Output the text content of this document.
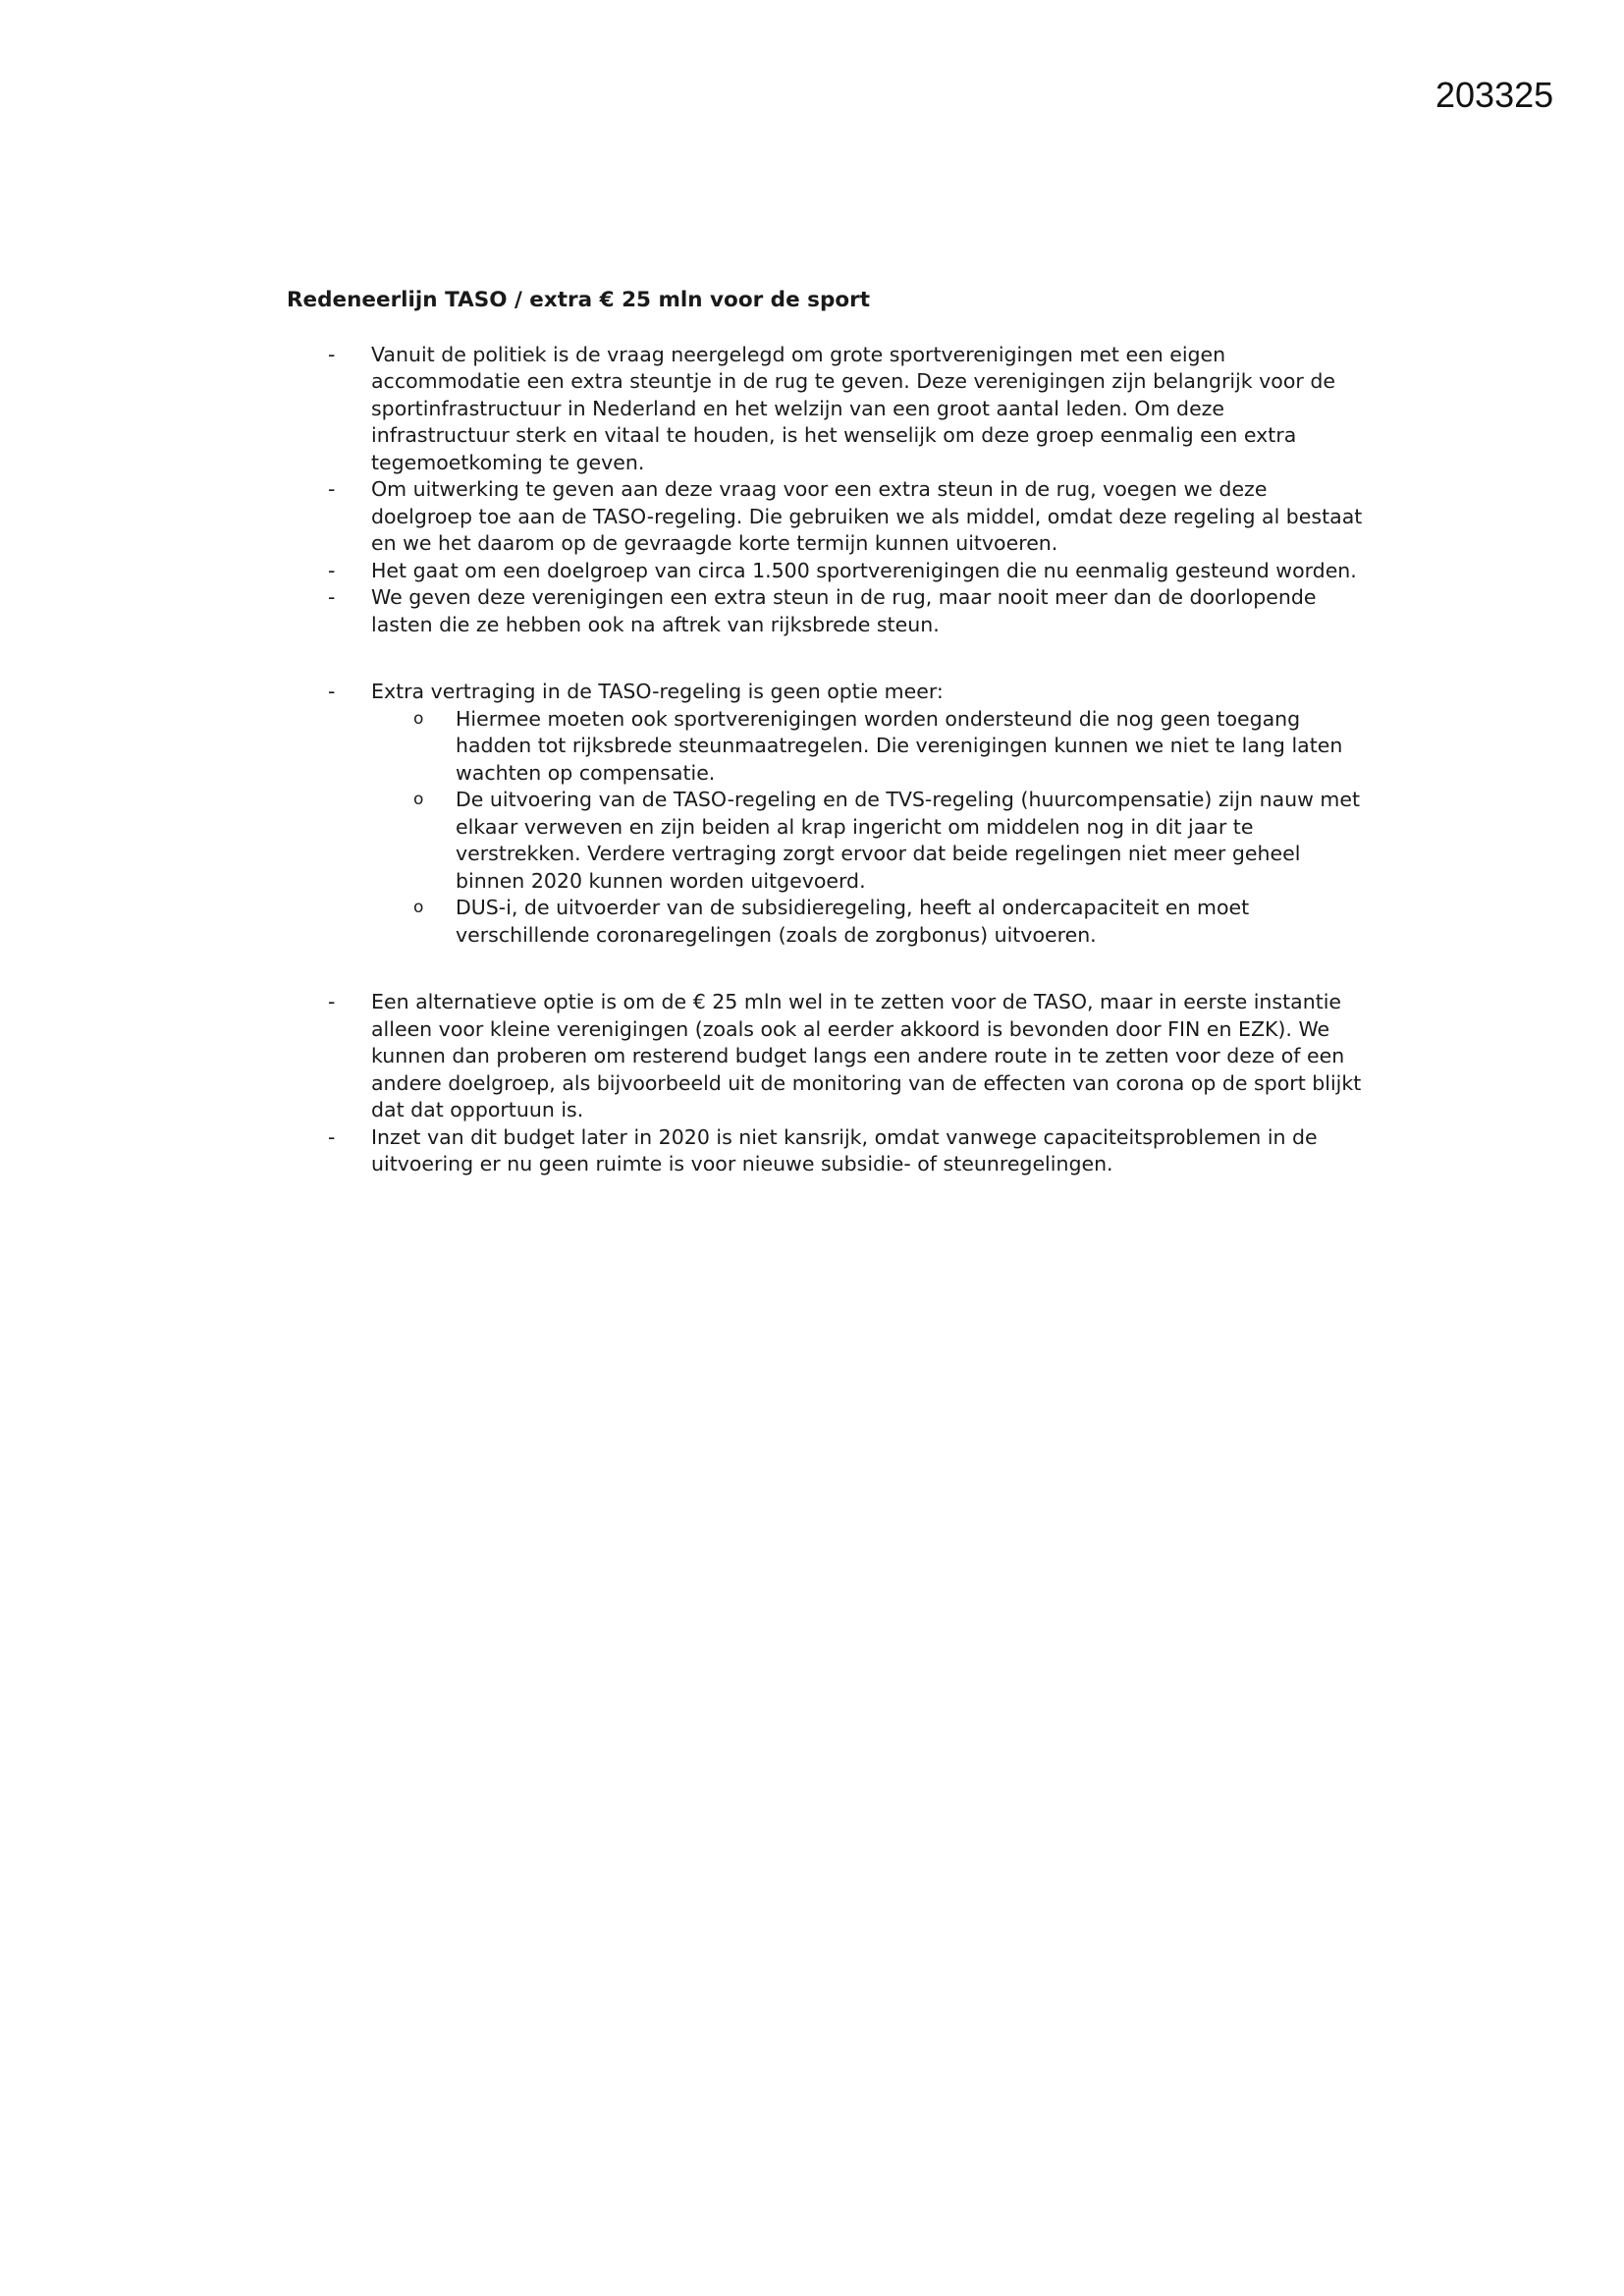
203325
Redeneerlijn TASO / extra € 25 mln voor de sport
- Vanuit de politiek is de vraag neergelegd om grote sportverenigingen met een eigen accommodatie een extra steuntje in de rug te geven. Deze verenigingen zijn belangrijk voor de sportinfrastructuur in Nederland en het welzijn van een groot aantal leden. Om deze infrastructuur sterk en vitaal te houden, is het wenselijk om deze groep eenmalig een extra tegemoetkoming te geven.
- Om uitwerking te geven aan deze vraag voor een extra steun in de rug, voegen we deze doelgroep toe aan de TASO-regeling. Die gebruiken we als middel, omdat deze regeling al bestaat en we het daarom op de gevraagde korte termijn kunnen uitvoeren.
- Het gaat om een doelgroep van circa 1.500 sportverenigingen die nu eenmalig gesteund worden.
- We geven deze verenigingen een extra steun in de rug, maar nooit meer dan de doorlopende lasten die ze hebben ook na aftrek van rijksbrede steun.
- Extra vertraging in de TASO-regeling is geen optie meer:
o Hiermee moeten ook sportverenigingen worden ondersteund die nog geen toegang hadden tot rijksbrede steunmaatregelen. Die verenigingen kunnen we niet te lang laten wachten op compensatie.
o De uitvoering van de TASO-regeling en de TVS-regeling (huurcompensatie) zijn nauw met elkaar verweven en zijn beiden al krap ingericht om middelen nog in dit jaar te verstrekken. Verdere vertraging zorgt ervoor dat beide regelingen niet meer geheel binnen 2020 kunnen worden uitgevoerd.
o DUS-i, de uitvoerder van de subsidieregeling, heeft al ondercapaciteit en moet verschillende coronaregelingen (zoals de zorgbonus) uitvoeren.
- Een alternatieve optie is om de € 25 mln wel in te zetten voor de TASO, maar in eerste instantie alleen voor kleine verenigingen (zoals ook al eerder akkoord is bevonden door FIN en EZK). We kunnen dan proberen om resterend budget langs een andere route in te zetten voor deze of een andere doelgroep, als bijvoorbeeld uit de monitoring van de effecten van corona op de sport blijkt dat dat opportuun is.
- Inzet van dit budget later in 2020 is niet kansrijk, omdat vanwege capaciteitsproblemen in de uitvoering er nu geen ruimte is voor nieuwe subsidie- of steunregelingen.
